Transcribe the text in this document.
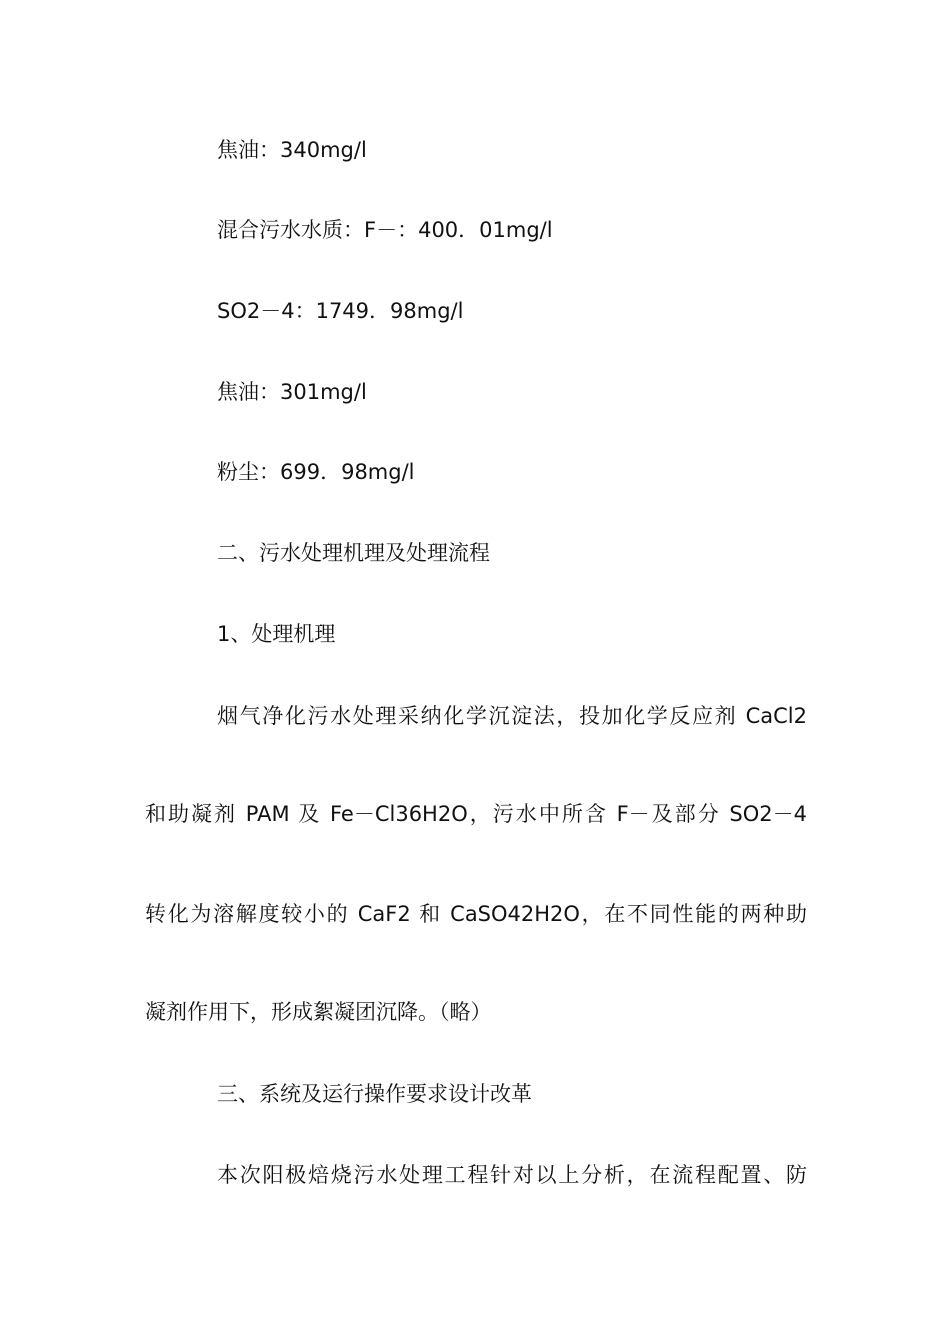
焦油：340mg/l

混合污水水质：F－：400．01mg/l

SO2－4：1749．98mg/l

焦油：301mg/l

粉尘：699．98mg/l

二、污水处理机理及处理流程

1、处理机理

烟气净化污水处理采纳化学沉淀法，投加化学反应剂 CaCl2

和助凝剂 PAM 及 Fe－Cl36H2O，污水中所含 F－及部分 SO2－4

转化为溶解度较小的 CaF2 和 CaSO42H2O，在不同性能的两种助

凝剂作用下，形成絮凝团沉降。（略）

三、系统及运行操作要求设计改革

本次阳极焙烧污水处理工程针对以上分析，在流程配置、防
